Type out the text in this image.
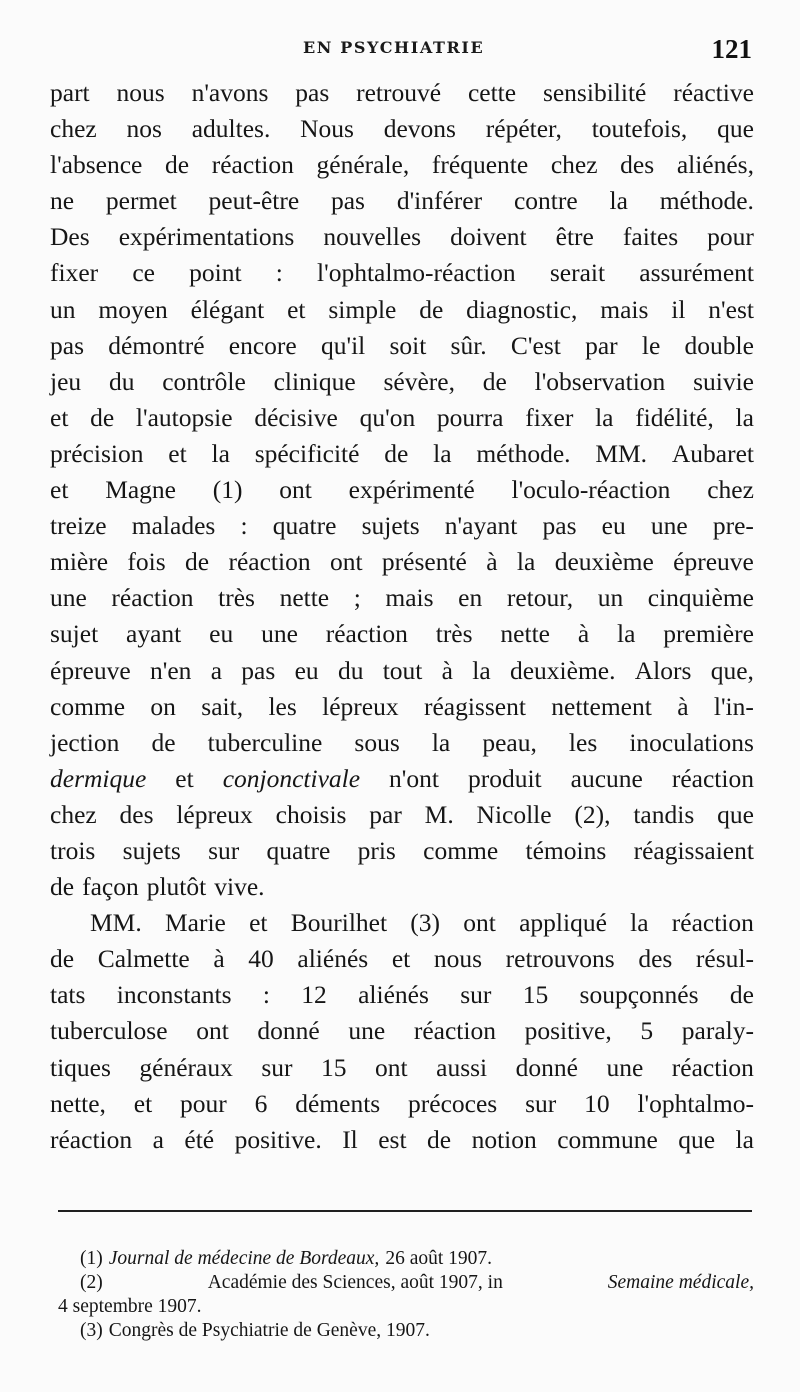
EN PSYCHIATRIE	121
part nous n'avons pas retrouvé cette sensibilité réactive
chez nos adultes. Nous devons répéter, toutefois, que
l'absence de réaction générale, fréquente chez des aliénés,
ne permet peut-être pas d'inférer contre la méthode.
Des expérimentations nouvelles doivent être faites pour
fixer ce point : l'ophtalmo-réaction serait assurément
un moyen élégant et simple de diagnostic, mais il n'est
pas démontré encore qu'il soit sûr. C'est par le double
jeu du contrôle clinique sévère, de l'observation suivie
et de l'autopsie décisive qu'on pourra fixer la fidélité, la
précision et la spécificité de la méthode. MM. Aubaret
et Magne (1) ont expérimenté l'oculo-réaction chez
treize malades : quatre sujets n'ayant pas eu une pre-
mière fois de réaction ont présenté à la deuxième épreuve
une réaction très nette ; mais en retour, un cinquième
sujet ayant eu une réaction très nette à la première
épreuve n'en a pas eu du tout à la deuxième. Alors que,
comme on sait, les lépreux réagissent nettement à l'in-
jection de tuberculine sous la peau, les inoculations
dermique et conjonctivale n'ont produit aucune réaction
chez des lépreux choisis par M. Nicolle (2), tandis que
trois sujets sur quatre pris comme témoins réagissaient
de façon plutôt vive.
MM. Marie et Bourilhet (3) ont appliqué la réaction
de Calmette à 40 aliénés et nous retrouvons des résul-
tats inconstants : 12 aliénés sur 15 soupçonnés de
tuberculose ont donné une réaction positive, 5 paraly-
tiques généraux sur 15 ont aussi donné une réaction
nette, et pour 6 déments précoces sur 10 l'ophtalmo-
réaction a été positive. Il est de notion commune que la
(1) Journal de médecine de Bordeaux, 26 août 1907.
(2)	Académie des Sciences, août 1907, in	Semaine médicale,
4 septembre 1907.
(3) Congrès de Psychiatrie de Genève, 1907.
